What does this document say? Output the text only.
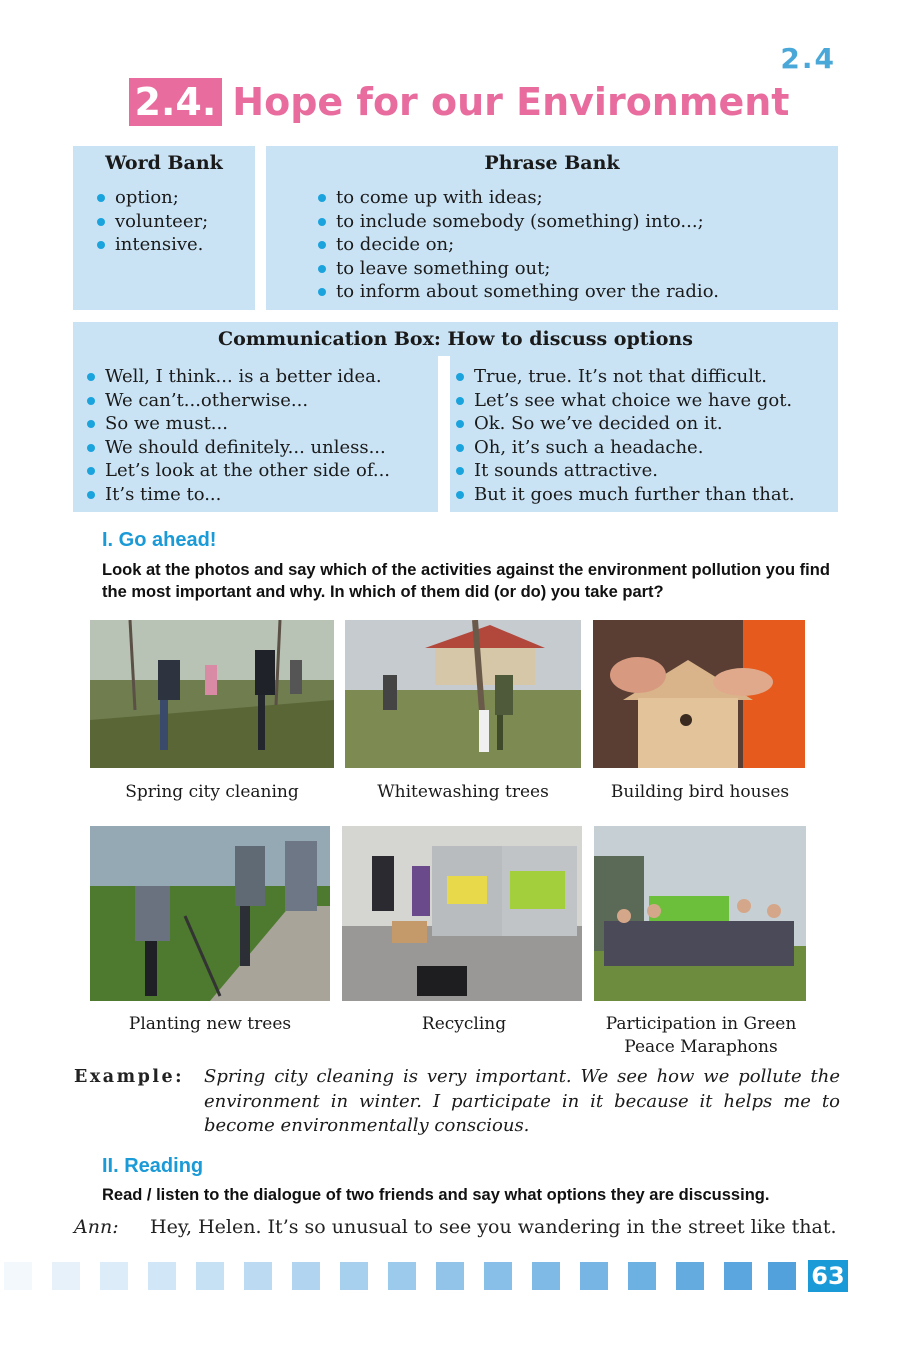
2.4
2.4. Hope for our Environment
Word Bank
option;
volunteer;
intensive.
Phrase Bank
to come up with ideas;
to include somebody (something) into...;
to decide on;
to leave something out;
to inform about something over the radio.
Communication Box: How to discuss options
Well, I think... is a better idea.
We can’t...otherwise...
So we must...
We should definitely... unless...
Let’s look at the other side of...
It’s time to...
True, true. It’s not that difficult.
Let’s see what choice we have got.
Ok. So we’ve decided on it.
Oh, it’s such a headache.
It sounds attractive.
But it goes much further than that.
I. Go ahead!
Look at the photos and say which of the activities against the environment pollution you find the most important and why. In which of them did (or do) you take part?
Spring city cleaning	Whitewashing trees	Building bird houses
Planting new trees	Recycling	Participation in Green Peace Maraphons
Example: Spring city cleaning is very important. We see how we pollute the environment in winter. I participate in it because it helps me to become environmentally conscious.
II. Reading
Read / listen to the dialogue of two friends and say what options they are discussing.
Ann: Hey, Helen. It’s so unusual to see you wandering in the street like that.
63
